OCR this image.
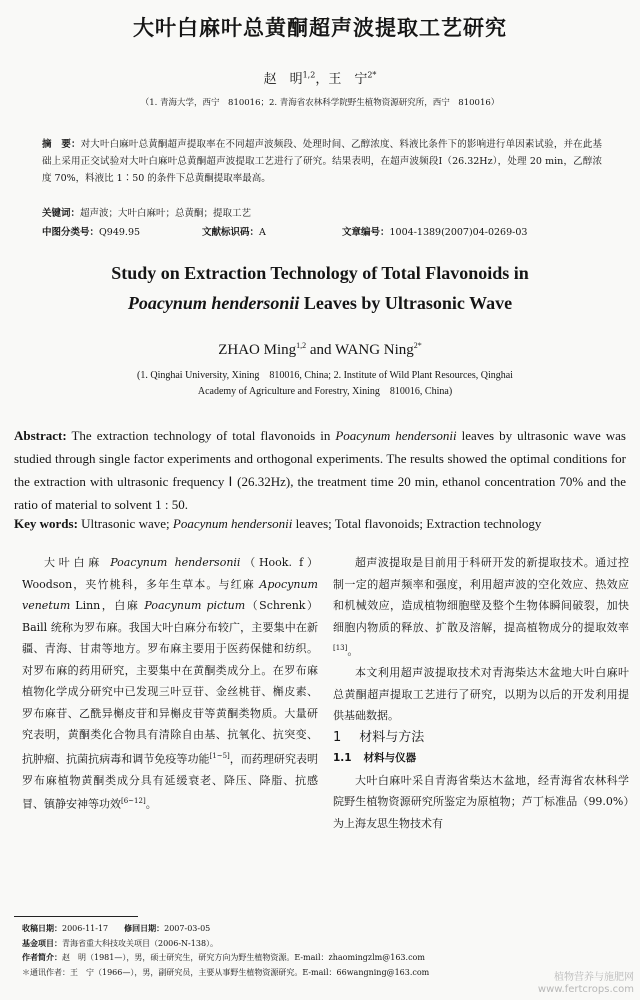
大叶白麻叶总黄酮超声波提取工艺研究
赵　明$^{1,2}$，王　宁$^{2*}$
（1. 青海大学，西宁　810016；2. 青海省农林科学院野生植物资源研究所，西宁　810016）

摘　要：对大叶白麻叶总黄酮超声提取率在不同超声波频段、处理时间、乙醇浓度、料液比条件下的影响进行单因素试验，并在此基础上采用正交试验对大叶白麻叶总黄酮超声波提取工艺进行了研究。结果表明，在超声波频段Ⅰ（26.32Hz），处理 20 min，乙醇浓度 70%，料液比 1∶50 的条件下总黄酮提取率最高。

关键词：超声波；大叶白麻叶；总黄酮；提取工艺

中图分类号：Q949.95	文献标识码：A	文章编号：1004-1389(2007)04-0269-03
Study on Extraction Technology of Total Flavonoids in
Poacynum hendersonii Leaves by Ultrasonic Wave
ZHAO Ming$^{1,2}$ and WANG Ning$^{2*}$
(1. Qinghai University, Xining　810016, China; 2. Institute of Wild Plant Resources, Qinghai Academy of Agriculture and Forestry, Xining　810016, China)

Abstract: The extraction technology of total flavonoids in Poacynum hendersonii leaves by ultrasonic wave was studied through single factor experiments and orthogonal experiments. The results showed the optimal conditions for the extraction with ultrasonic frequency Ⅰ (26.32Hz), the treatment time 20 min, ethanol concentration 70% and the ratio of material to solvent 1 : 50.

Key words: Ultrasonic wave; Poacynum hendersonii leaves; Total flavonoids; Extraction technology

大叶白麻 Poacynum hendersonii（Hook. f）Woodson，夹竹桃科，多年生草本。与红麻 Apocynum venetum Linn，白麻 Poacynum pictum（Schrenk）Baill 统称为罗布麻。我国大叶白麻分布较广，主要集中在新疆、青海、甘肃等地方。罗布麻主要用于医药保健和纺织。对罗布麻的药用研究，主要集中在黄酮类成分上。在罗布麻植物化学成分研究中已发现三叶豆苷、金丝桃苷、槲皮素、罗布麻苷、乙酰异槲皮苷和异槲皮苷等黄酮类物质。大量研究表明，黄酮类化合物具有清除自由基、抗氧化、抗突变、抗肿瘤、抗菌抗病毒和调节免疫等功能[1~5]，而药理研究表明罗布麻植物黄酮类成分具有延缓衰老、降压、降脂、抗感冒、镇静安神等功效[6~12]。

超声波提取是目前用于科研开发的新提取技术。通过控制一定的超声频率和强度，利用超声波的空化效应、热效应和机械效应，造成植物细胞壁及整个生物体瞬间破裂，加快细胞内物质的释放、扩散及溶解，提高植物成分的提取效率[13]。

本文利用超声波提取技术对青海柴达木盆地大叶白麻叶总黄酮超声提取工艺进行了研究，以期为以后的开发利用提供基础数据。

1 材料与方法

1.1 材料与仪器

大叶白麻叶采自青海省柴达木盆地，经青海省农林科学院野生植物资源研究所鉴定为原植物；芦丁标准品（99.0%）为上海友思生物技术有

收稿日期：2006-11-17　　 修回日期：2007-03-05
基金项目：青海省重大科技攻关项目（2006-N-138）。
作者简介：赵　明（1981—），男，硕士研究生，研究方向为野生植物资源。E-mail：zhaomingzlm@163.com
＊通讯作者：王　宁（1966—），男，副研究员，主要从事野生植物资源研究。E-mail：66wangning@163.com	植物营养与施肥网
www.fertcrops.com
